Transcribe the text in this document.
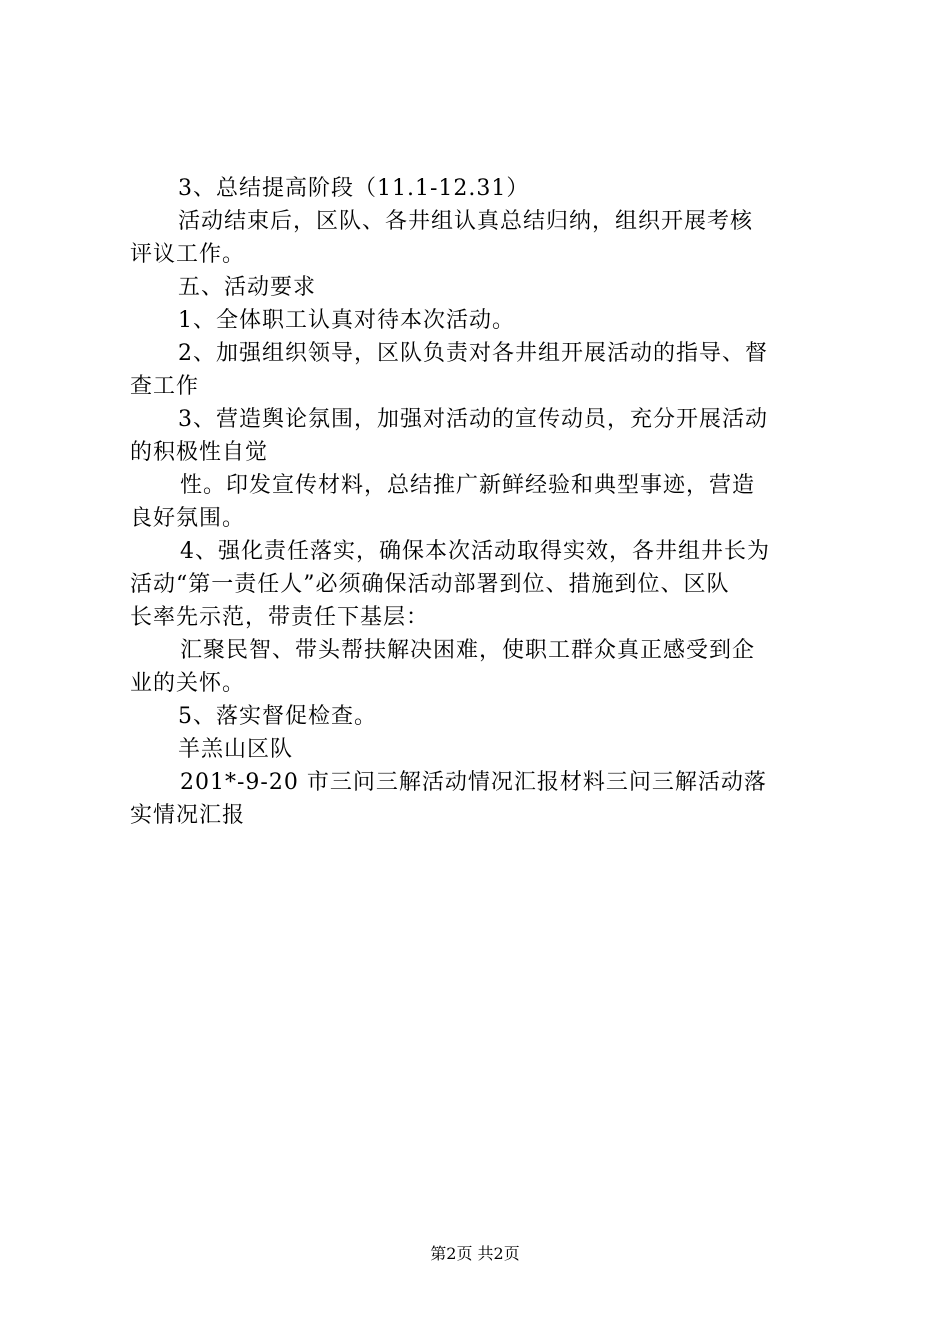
3、总结提高阶段（11.1-12.31）
活动结束后，区队、各井组认真总结归纳，组织开展考核
评议工作。
五、活动要求
1、全体职工认真对待本次活动。
2、加强组织领导，区队负责对各井组开展活动的指导、督
查工作
3、营造舆论氛围，加强对活动的宣传动员，充分开展活动
的积极性自觉
性。印发宣传材料，总结推广新鲜经验和典型事迹，营造
良好氛围。
4、强化责任落实，确保本次活动取得实效，各井组井长为
活动“第一责任人”必须确保活动部署到位、措施到位、区队
长率先示范，带责任下基层：
汇聚民智、带头帮扶解决困难，使职工群众真正感受到企
业的关怀。
5、落实督促检查。
羊羔山区队
201*-9-20 市三问三解活动情况汇报材料三问三解活动落
实情况汇报
第2页 共2页
